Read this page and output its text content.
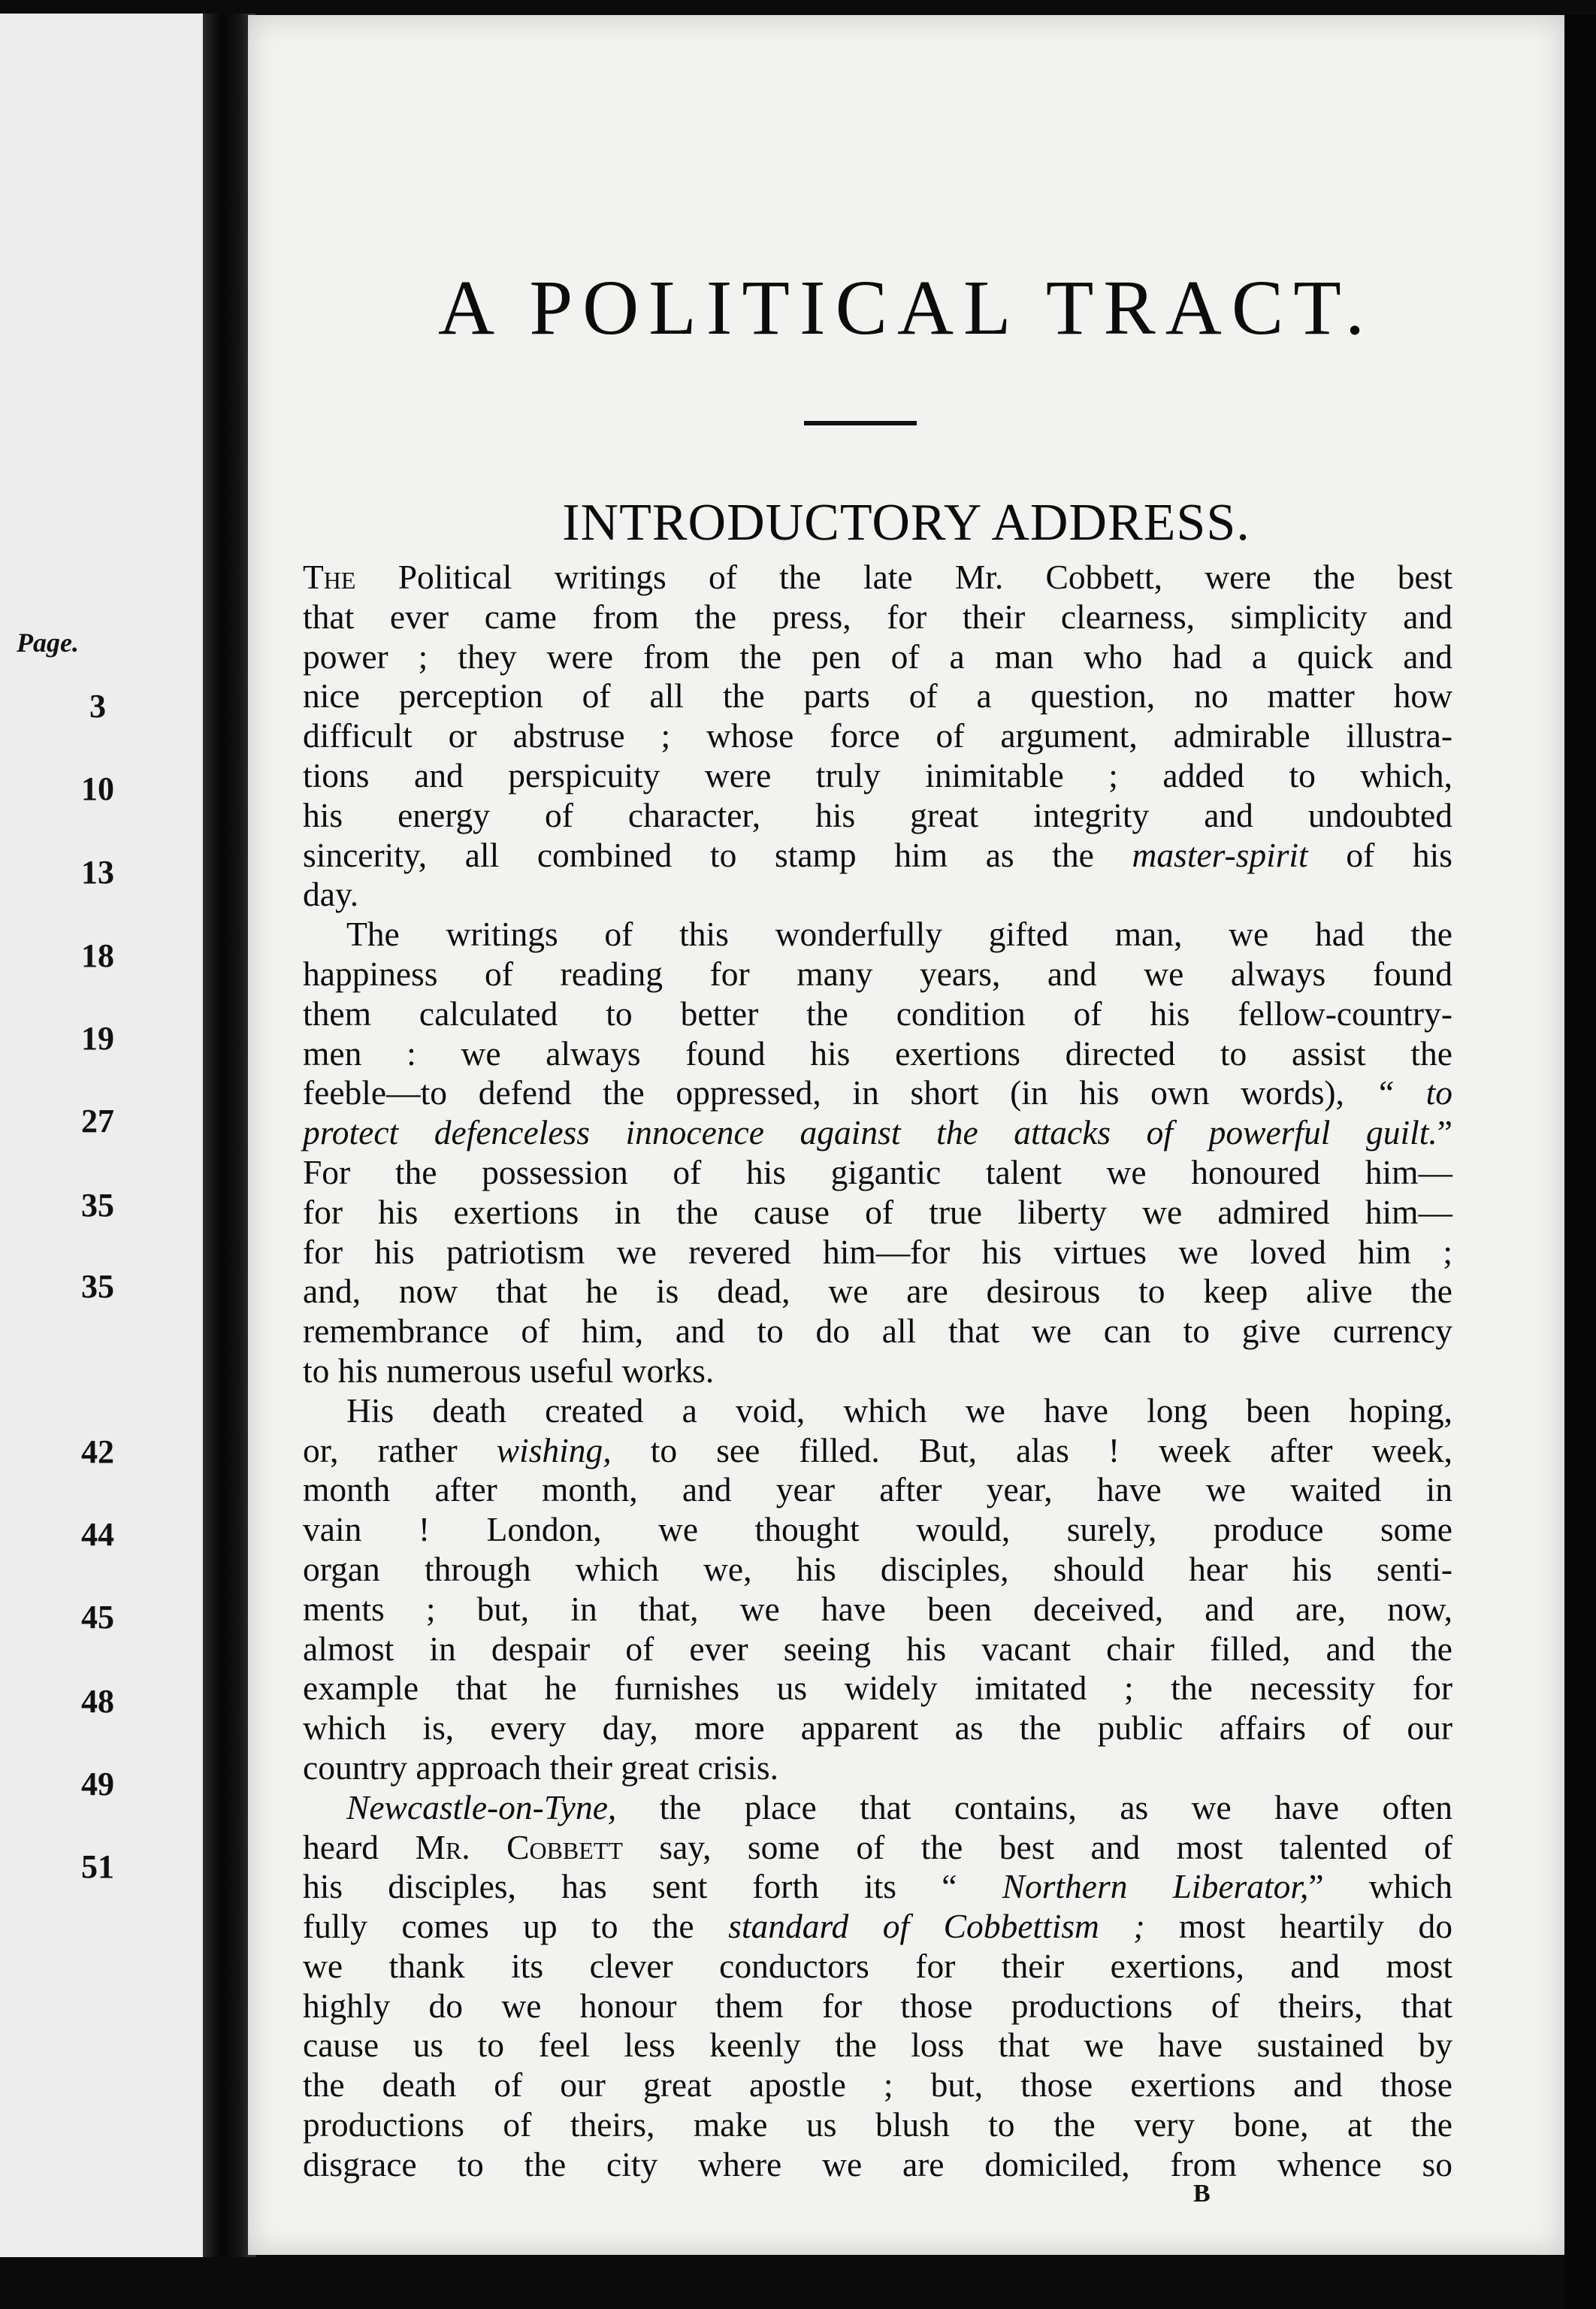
Page.
3
10
13
18
19
27
35
35
42
44
45
48
49
51
A POLITICAL TRACT.
INTRODUCTORY ADDRESS.
The Political writings of the late Mr. Cobbett, were the best
that ever came from the press, for their clearness, simplicity and
power ; they were from the pen of a man who had a quick and
nice perception of all the parts of a question, no matter how
difficult or abstruse ; whose force of argument, admirable illustra-
tions and perspicuity were truly inimitable ; added to which,
his energy of character, his great integrity and undoubted
sincerity, all combined to stamp him as the master-spirit of his
day.
The writings of this wonderfully gifted man, we had the
happiness of reading for many years, and we always found
them calculated to better the condition of his fellow-country-
men : we always found his exertions directed to assist the
feeble—to defend the oppressed, in short (in his own words), “ to
protect defenceless innocence against the attacks of powerful guilt.”
For the possession of his gigantic talent we honoured him—
for his exertions in the cause of true liberty we admired him—
for his patriotism we revered him—for his virtues we loved him ;
and, now that he is dead, we are desirous to keep alive the
remembrance of him, and to do all that we can to give currency
to his numerous useful works.
His death created a void, which we have long been hoping,
or, rather wishing, to see filled. But, alas ! week after week,
month after month, and year after year, have we waited in
vain ! London, we thought would, surely, produce some
organ through which we, his disciples, should hear his senti-
ments ; but, in that, we have been deceived, and are, now,
almost in despair of ever seeing his vacant chair filled, and the
example that he furnishes us widely imitated ; the necessity for
which is, every day, more apparent as the public affairs of our
country approach their great crisis.
Newcastle-on-Tyne, the place that contains, as we have often
heard Mr. Cobbett say, some of the best and most talented of
his disciples, has sent forth its “ Northern Liberator,” which
fully comes up to the standard of Cobbettism ; most heartily do
we thank its clever conductors for their exertions, and most
highly do we honour them for those productions of theirs, that
cause us to feel less keenly the loss that we have sustained by
the death of our great apostle ; but, those exertions and those
productions of theirs, make us blush to the very bone, at the
disgrace to the city where we are domiciled, from whence so
B
